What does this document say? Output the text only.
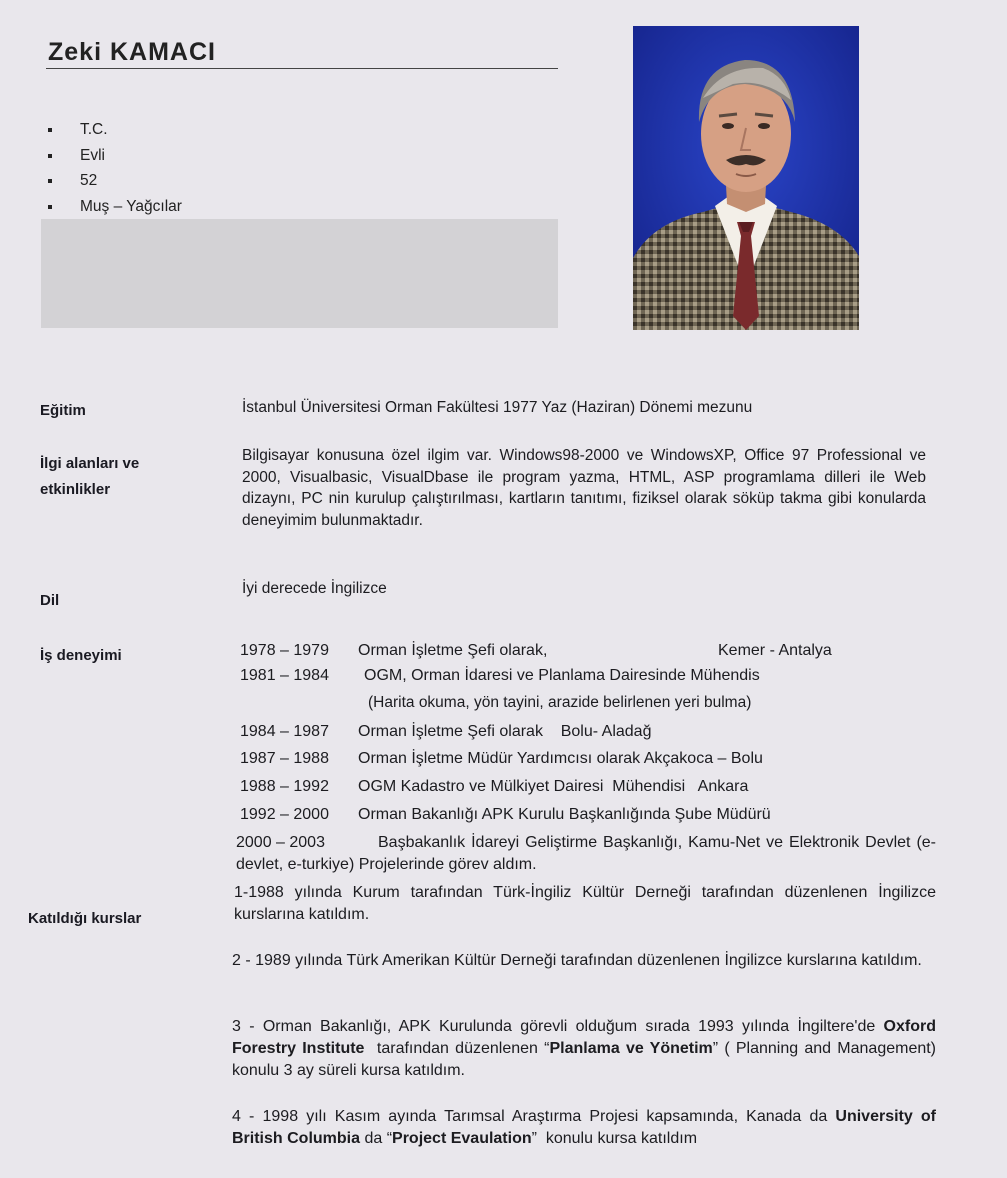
Zeki KAMACI
T.C.
Evli
52
Muş – Yağcılar
Eğitim	İstanbul Üniversitesi Orman Fakültesi 1977 Yaz (Haziran) Dönemi mezunu
İlgi alanları ve
etkinlikler
Bilgisayar konusuna özel ilgim var. Windows98-2000 ve WindowsXP, Office 97 Professional ve 2000, Visualbasic, VisualDbase ile program yazma, HTML, ASP programlama dilleri ile Web dizaynı, PC nin kurulup çalıştırılması, kartların tanıtımı, fiziksel olarak söküp takma gibi konularda deneyimim bulunmaktadır.
Dil
İyi derecede İngilizce
İş deneyimi	1978 – 1979 Orman İşletme Şefi olarak,	Kemer - Antalya
1981 – 1984 OGM, Orman İdaresi ve Planlama Dairesinde Mühendis
(Harita okuma, yön tayini, arazide belirlenen yeri bulma)
1984 – 1987 Orman İşletme Şefi olarak    Bolu- Aladağ
1987 – 1988 Orman İşletme Müdür Yardımcısı olarak Akçakoca – Bolu
1988 – 1992 OGM Kadastro ve Mülkiyet Dairesi  Mühendisi   Ankara
1992 – 2000 Orman Bakanlığı APK Kurulu Başkanlığında Şube Müdürü
2000 – 2003	Başbakanlık İdareyi Geliştirme Başkanlığı, Kamu-Net ve Elektronik Devlet (e-devlet, e-turkiye) Projelerinde görev aldım.
Katıldığı kurslar
1-1988 yılında Kurum tarafından Türk-İngiliz Kültür Derneği tarafından düzenlenen İngilizce kurslarına katıldım.
2 - 1989 yılında Türk Amerikan Kültür Derneği tarafından düzenlenen İngilizce kurslarına katıldım.
3 - Orman Bakanlığı, APK Kurulunda görevli olduğum sırada 1993 yılında İngiltere'de Oxford Forestry Institute  tarafından düzenlenen “Planlama ve Yönetim” ( Planning and Management)  konulu 3 ay süreli kursa katıldım.
4 - 1998 yılı Kasım ayında Tarımsal Araştırma Projesi kapsamında, Kanada da University of British Columbia da “Project Evaulation”  konulu kursa katıldım
